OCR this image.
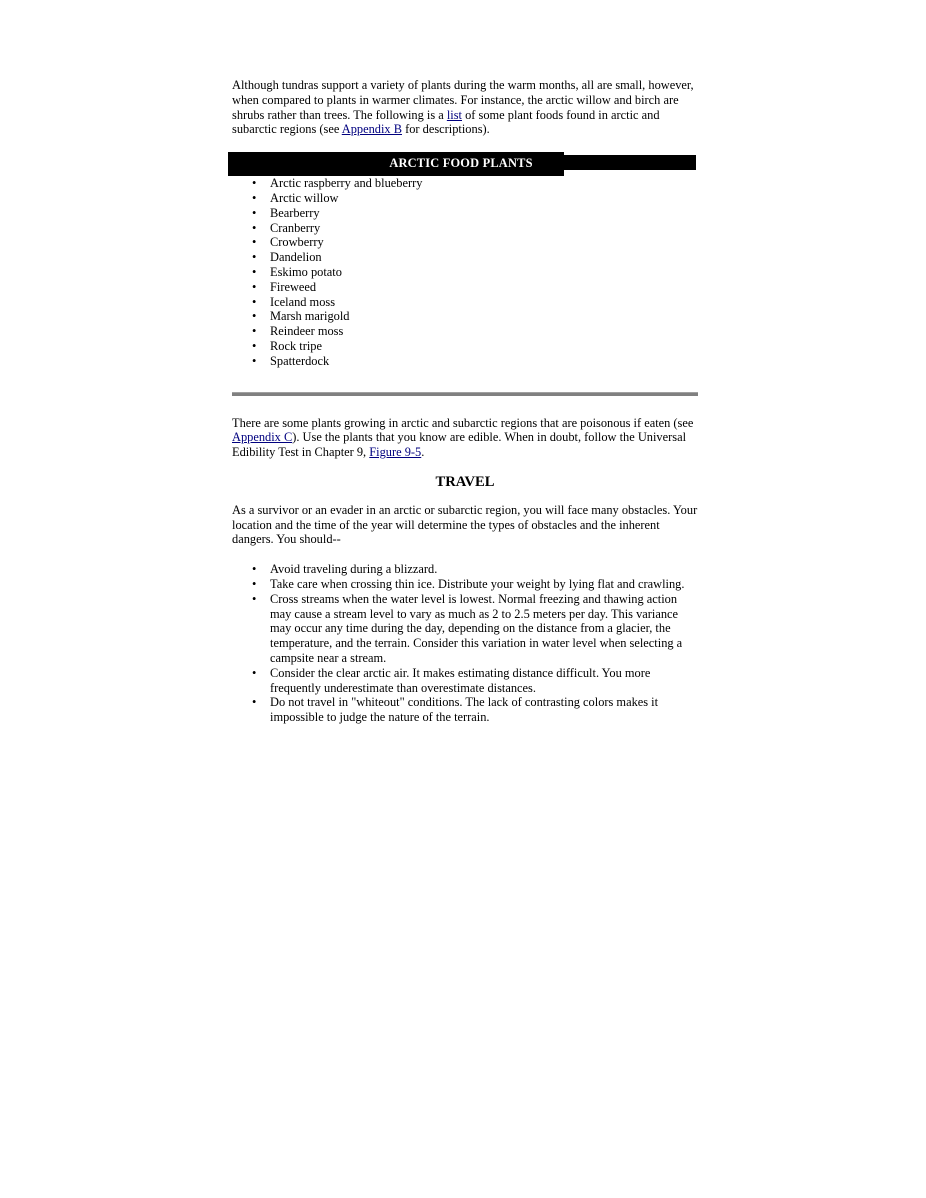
Although tundras support a variety of plants during the warm months, all are small, however, when compared to plants in warmer climates. For instance, the arctic willow and birch are shrubs rather than trees. The following is a list of some plant foods found in arctic and subarctic regions (see Appendix B for descriptions).

ARCTIC FOOD PLANTS
• Arctic raspberry and blueberry
• Arctic willow
• Bearberry
• Cranberry
• Crowberry
• Dandelion
• Eskimo potato
• Fireweed
• Iceland moss
• Marsh marigold
• Reindeer moss
• Rock tripe
• Spatterdock

There are some plants growing in arctic and subarctic regions that are poisonous if eaten (see Appendix C). Use the plants that you know are edible. When in doubt, follow the Universal Edibility Test in Chapter 9, Figure 9-5.

TRAVEL

As a survivor or an evader in an arctic or subarctic region, you will face many obstacles. Your location and the time of the year will determine the types of obstacles and the inherent dangers. You should--

• Avoid traveling during a blizzard.
• Take care when crossing thin ice. Distribute your weight by lying flat and crawling.
• Cross streams when the water level is lowest. Normal freezing and thawing action may cause a stream level to vary as much as 2 to 2.5 meters per day. This variance may occur any time during the day, depending on the distance from a glacier, the temperature, and the terrain. Consider this variation in water level when selecting a campsite near a stream.
• Consider the clear arctic air. It makes estimating distance difficult. You more frequently underestimate than overestimate distances.
• Do not travel in "whiteout" conditions. The lack of contrasting colors makes it impossible to judge the nature of the terrain.
